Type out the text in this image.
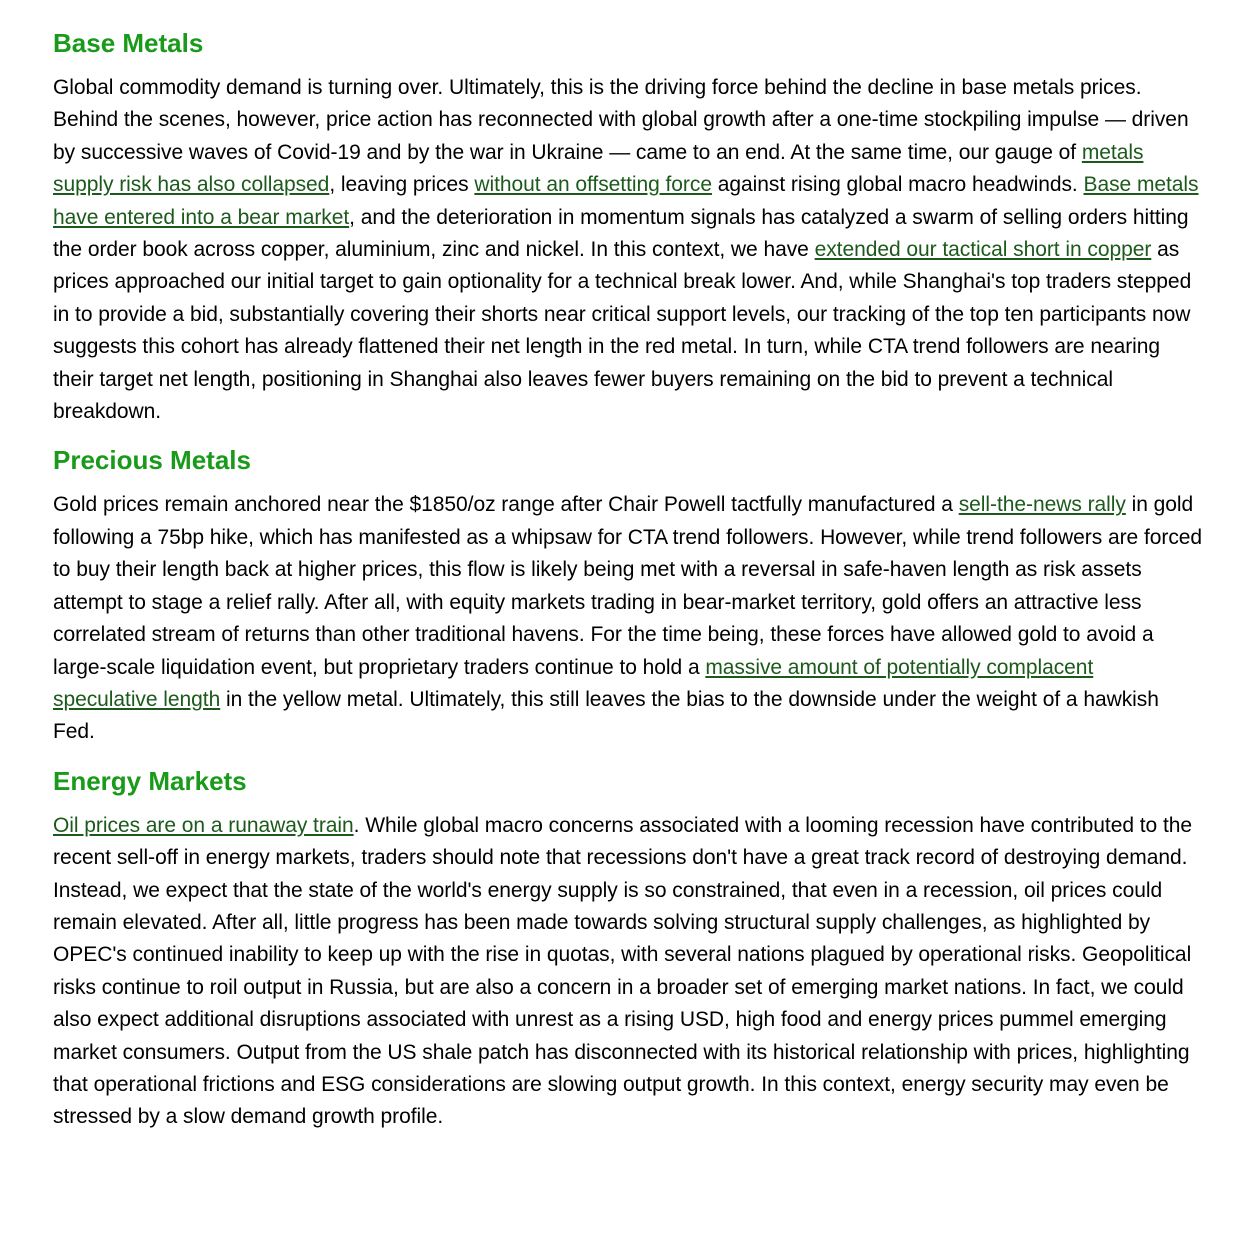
Base Metals

Global commodity demand is turning over. Ultimately, this is the driving force behind the decline in base metals prices. Behind the scenes, however, price action has reconnected with global growth after a one-time stockpiling impulse — driven by successive waves of Covid-19 and by the war in Ukraine — came to an end. At the same time, our gauge of metals supply risk has also collapsed, leaving prices without an offsetting force against rising global macro headwinds. Base metals have entered into a bear market, and the deterioration in momentum signals has catalyzed a swarm of selling orders hitting the order book across copper, aluminium, zinc and nickel. In this context, we have extended our tactical short in copper as prices approached our initial target to gain optionality for a technical break lower. And, while Shanghai's top traders stepped in to provide a bid, substantially covering their shorts near critical support levels, our tracking of the top ten participants now suggests this cohort has already flattened their net length in the red metal. In turn, while CTA trend followers are nearing their target net length, positioning in Shanghai also leaves fewer buyers remaining on the bid to prevent a technical breakdown.

Precious Metals

Gold prices remain anchored near the $1850/oz range after Chair Powell tactfully manufactured a sell-the-news rally in gold following a 75bp hike, which has manifested as a whipsaw for CTA trend followers. However, while trend followers are forced to buy their length back at higher prices, this flow is likely being met with a reversal in safe-haven length as risk assets attempt to stage a relief rally. After all, with equity markets trading in bear-market territory, gold offers an attractive less correlated stream of returns than other traditional havens. For the time being, these forces have allowed gold to avoid a large-scale liquidation event, but proprietary traders continue to hold a massive amount of potentially complacent speculative length in the yellow metal. Ultimately, this still leaves the bias to the downside under the weight of a hawkish Fed.

Energy Markets

Oil prices are on a runaway train. While global macro concerns associated with a looming recession have contributed to the recent sell-off in energy markets, traders should note that recessions don't have a great track record of destroying demand. Instead, we expect that the state of the world's energy supply is so constrained, that even in a recession, oil prices could remain elevated. After all, little progress has been made towards solving structural supply challenges, as highlighted by OPEC's continued inability to keep up with the rise in quotas, with several nations plagued by operational risks. Geopolitical risks continue to roil output in Russia, but are also a concern in a broader set of emerging market nations. In fact, we could also expect additional disruptions associated with unrest as a rising USD, high food and energy prices pummel emerging market consumers. Output from the US shale patch has disconnected with its historical relationship with prices, highlighting that operational frictions and ESG considerations are slowing output growth. In this context, energy security may even be stressed by a slow demand growth profile.
